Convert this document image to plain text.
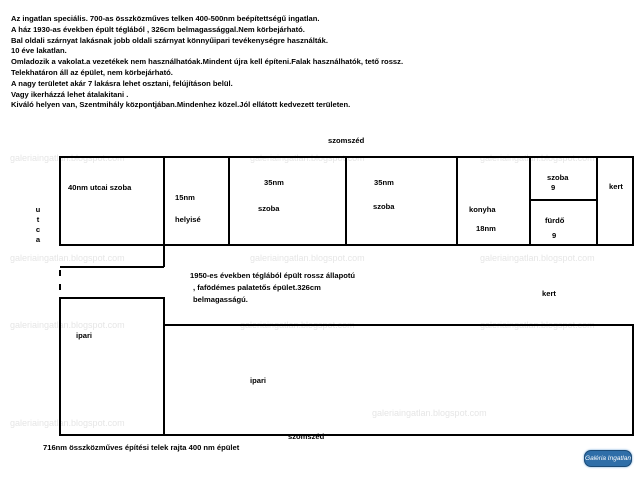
Az ingatlan speciális. 700-as összközműves telken 400-500nm beépítettségű ingatlan.
A ház 1930-as években épült téglából , 326cm belmagassággal.Nem körbejárható.
Bal oldali szárnyat lakásnak jobb oldali szárnyat könnyűipari tevékenységre használták.
10 éve lakatlan.
Omladozik a vakolat.a vezetékek nem használhatóak.Mindent újra kell építeni.Falak használhatók, tető rossz.
Telekhatáron áll az épület, nem körbejárható.
A nagy területet akár 7 lakásra lehet osztani, felújításon belül.
Vagy ikerházzá lehet átalakitani .
Kiváló helyen van, Szentmihály központjában.Mindenhez közel.Jól ellátott kedvezett területen.
galeriaingatlan.blogspot.com	galeriaingatlan.blogspot.com	galeriaingatlan.blogspot.com
galeriaingatlan.blogspot.com	galeriaingatlan.blogspot.com	galeriaingatlan.blogspot.com
galeriaingatlan.blogspot.com	galeriaingatlan.blogspot.com	galeriaingatlan.blogspot.com
galeriaingatlan.blogspot.com
galeriaingatlan.blogspot.com
szomszéd
u
t
c
a
40nm utcai szoba
15nm
helyisé
35nm
szoba
35nm
szoba	konyha
18nm
szoba
9
fürdő
9
kert
1950-es években téglából épült rossz állapotú
, fafödémes palatetős épület.326cm
belmagasságú.
kert
ipari
ipari
szomszéd
716nm összközműves építési telek rajta 400 nm épület
Galéria Ingatlan
